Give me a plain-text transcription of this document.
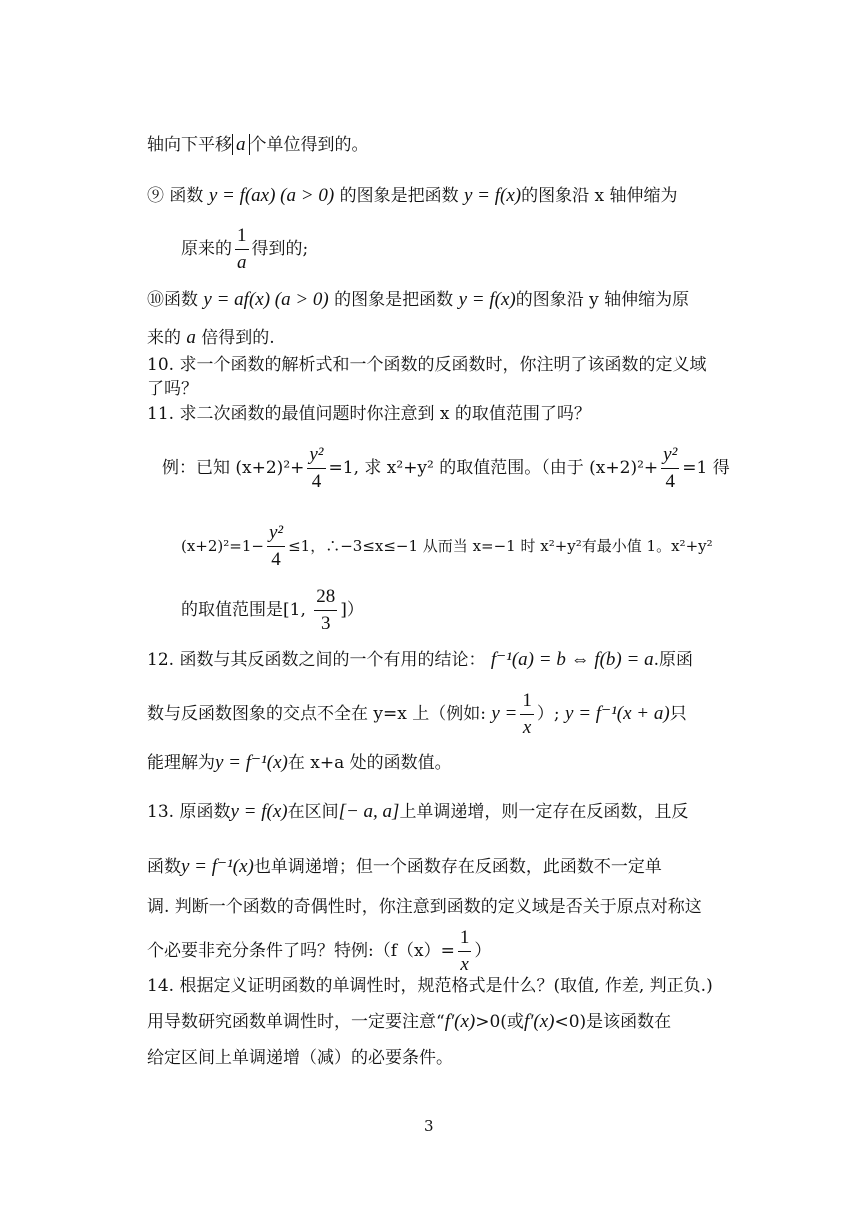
轴向下平移 a 个单位得到的。
⑨ 函数 y = f(ax) (a > 0) 的图象是把函数 y = f(x)的图象沿 x 轴伸缩为
原来的 $\frac{1}{a}$ 得到的;
⑩函数 y = af(x) (a > 0) 的图象是把函数 y = f(x)的图象沿 y 轴伸缩为原
来的 a 倍得到的.
10. 求一个函数的解析式和一个函数的反函数时，你注明了该函数的定义域
了吗？
11. 求二次函数的最值问题时你注意到 x 的取值范围了吗？
例：已知 $(x+2)^2+ \frac{\text{y²}}{4} =1$, 求 x²+y² 的取值范围。（由于 $(x+2)^2+ \frac{\text{y²}}{4} =1$ 得
$(x+2)^2=1- \frac{\text{y²}}{4} \le 1$，∴−3≤x≤−1 从而当 x=−1 时 x²+y²有最小值 1。x²+y²
的取值范围是[1, $\frac{28}{3}$ ]）
12. 函数与其反函数之间的一个有用的结论： f⁻¹(a) = b ⇔ f(b) = a.原函
数与反函数图象的交点不全在 y=x 上（例如: $y = \frac{1}{x}$ ）; y = f⁻¹(x + a)只
能理解为y = f⁻¹(x)在 x+a 处的函数值。
13. 原函数y = f(x)在区间[− a, a]上单调递增，则一定存在反函数，且反
函数y = f⁻¹(x)也单调递增；但一个函数存在反函数，此函数不一定单
调. 判断一个函数的奇偶性时，你注意到函数的定义域是否关于原点对称这
个必要非充分条件了吗？特例:（f（x）= $\frac{1}{x}$ ）
14. 根据定义证明函数的单调性时，规范格式是什么？(取值, 作差, 判正负.)
用导数研究函数单调性时，一定要注意“f′(x)>0(或f′(x)<0)是该函数在
给定区间上单调递增（减）的必要条件。
3
